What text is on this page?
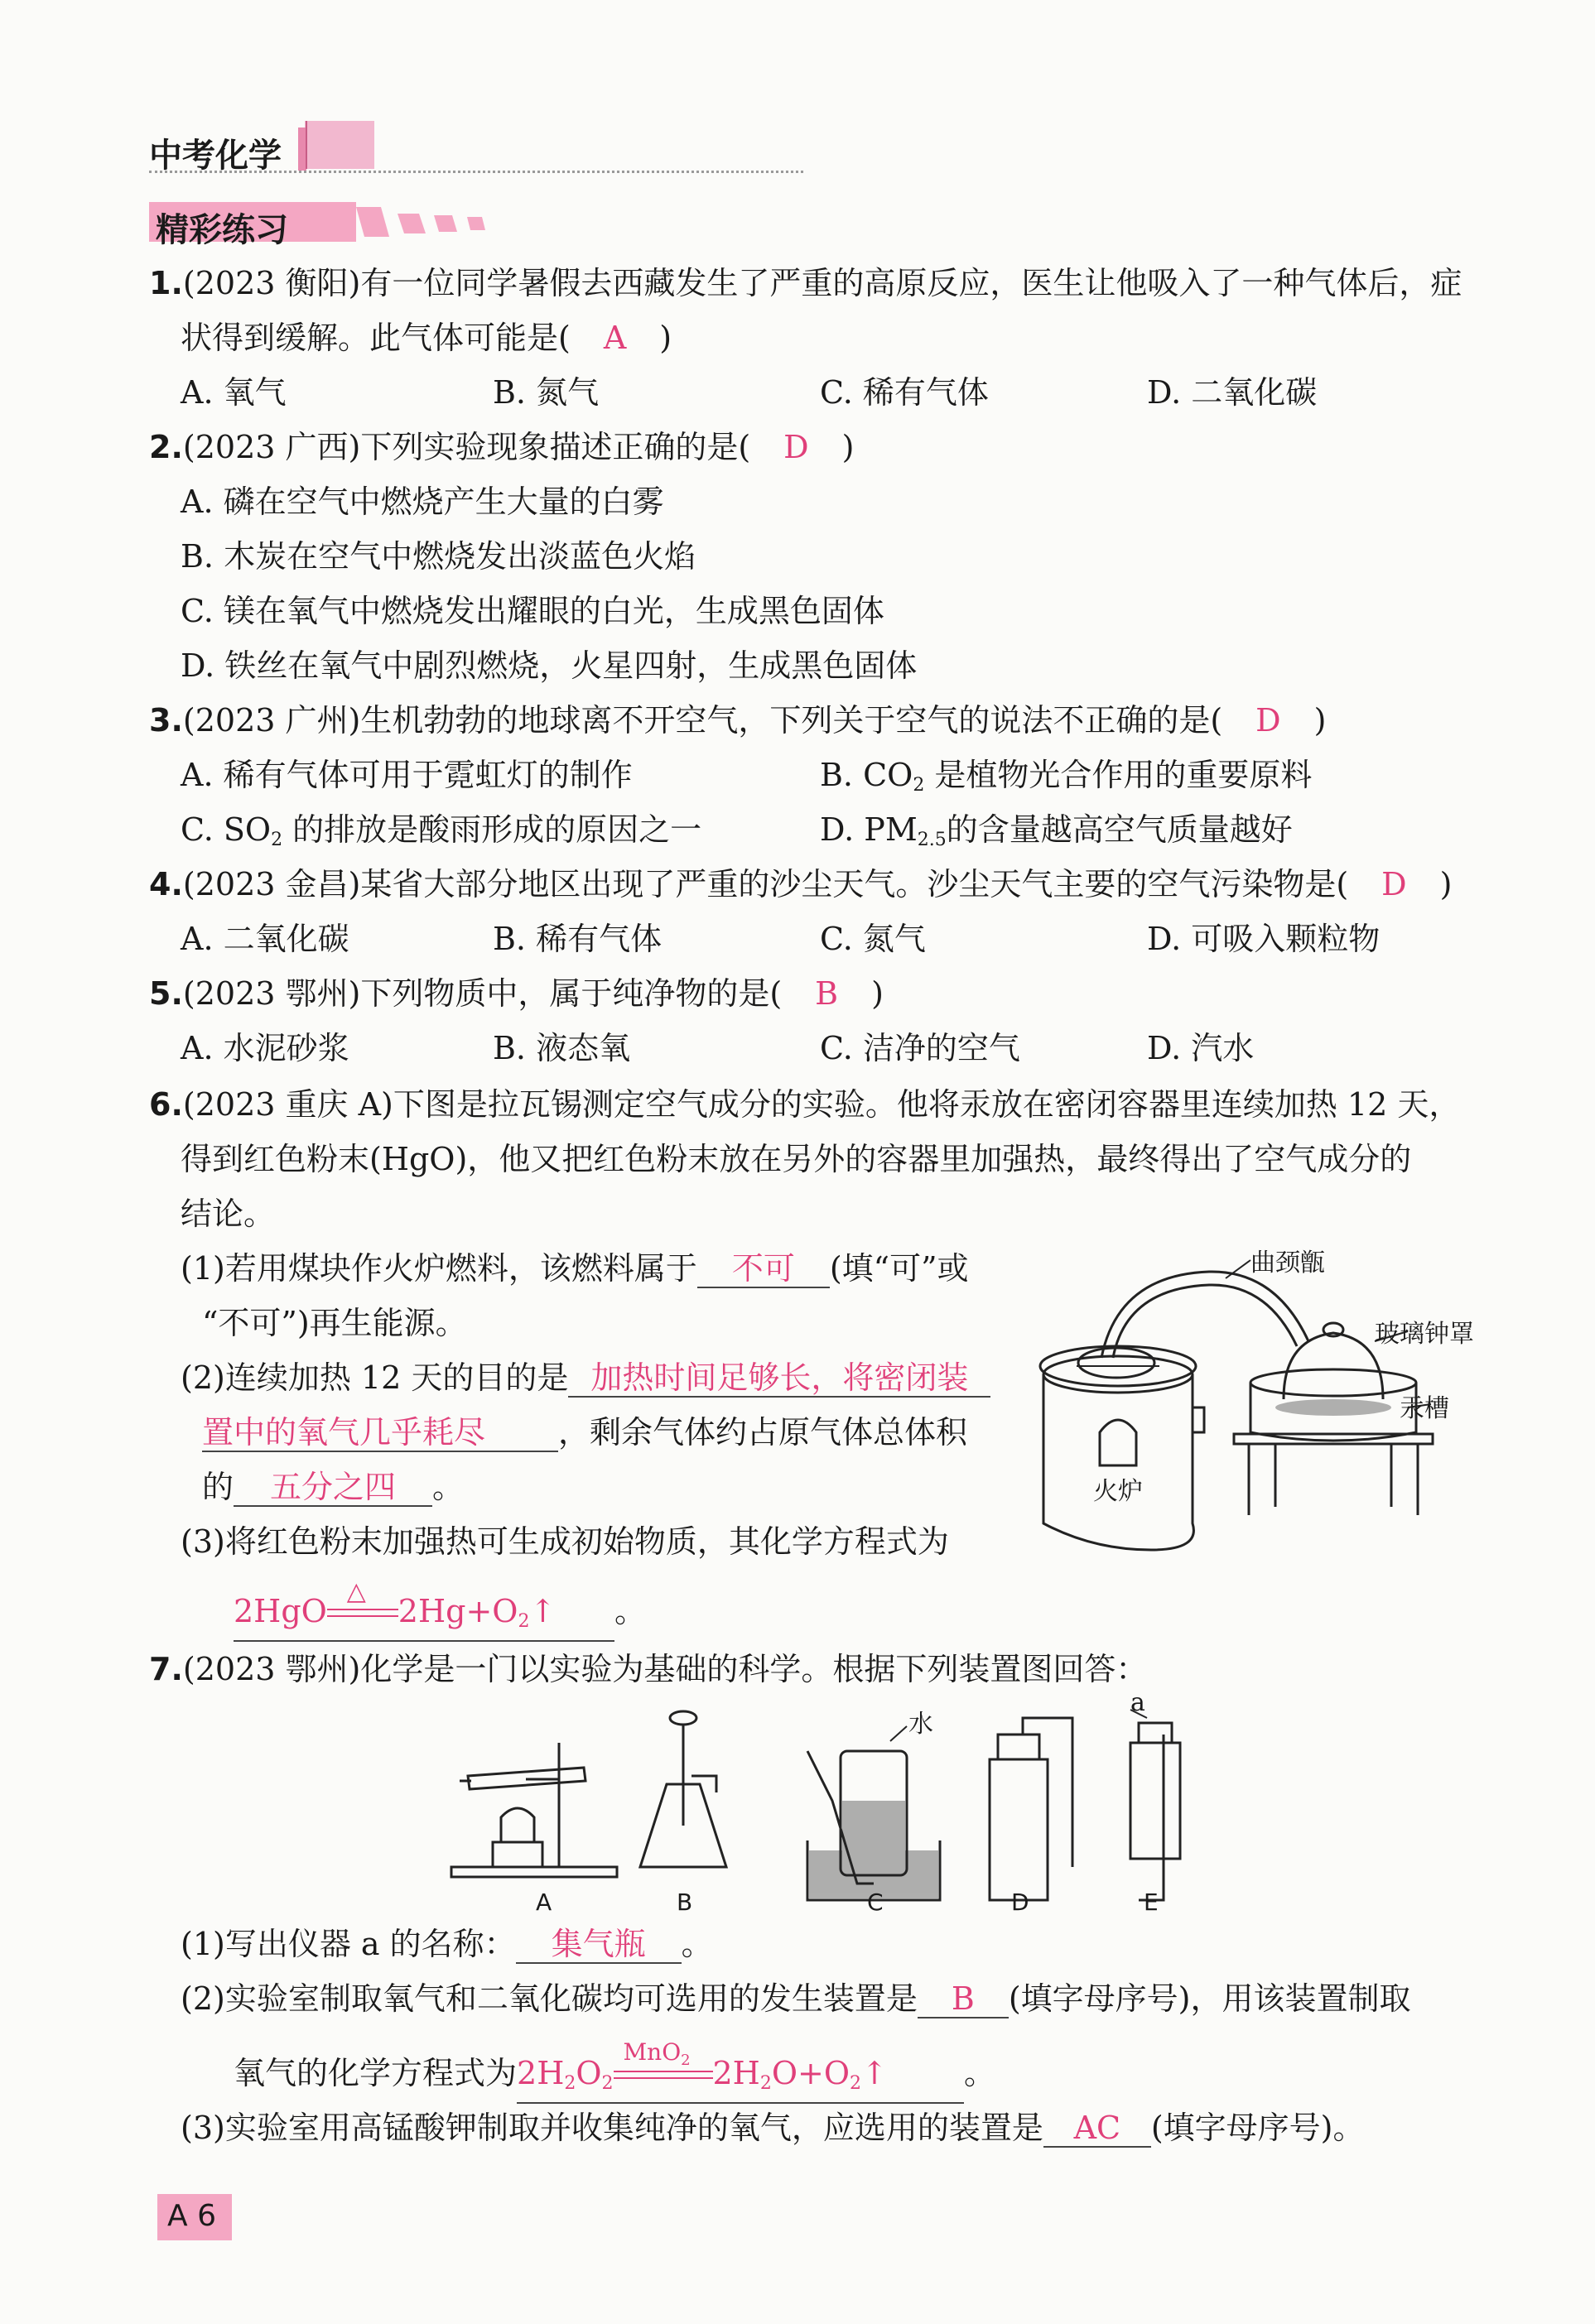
中考化学
精彩练习
1.(2023 衡阳)有一位同学暑假去西藏发生了严重的高原反应，医生让他吸入了一种气体后，症
状得到缓解。此气体可能是( A )
A. 氧气	B. 氮气	C. 稀有气体	D. 二氧化碳
2.(2023 广西)下列实验现象描述正确的是( D )
A. 磷在空气中燃烧产生大量的白雾
B. 木炭在空气中燃烧发出淡蓝色火焰
C. 镁在氧气中燃烧发出耀眼的白光，生成黑色固体
D. 铁丝在氧气中剧烈燃烧，火星四射，生成黑色固体
3.(2023 广州)生机勃勃的地球离不开空气，下列关于空气的说法不正确的是( D )
A. 稀有气体可用于霓虹灯的制作	B. $CO_2$ 是植物光合作用的重要原料
C. $SO_2$ 的排放是酸雨形成的原因之一	D. $PM_{2.5}$的含量越高空气质量越好
4.(2023 金昌)某省大部分地区出现了严重的沙尘天气。沙尘天气主要的空气污染物是( D )
A. 二氧化碳	B. 稀有气体	C. 氮气	D. 可吸入颗粒物
5.(2023 鄂州)下列物质中，属于纯净物的是( B )
A. 水泥砂浆	B. 液态氧	C. 洁净的空气	D. 汽水
6.(2023 重庆 A)下图是拉瓦锡测定空气成分的实验。他将汞放在密闭容器里连续加热 12 天，
得到红色粉末(HgO)，他又把红色粉末放在另外的容器里加强热，最终得出了空气成分的
结论。
(1)若用煤块作火炉燃料，该燃料属于 不可 (填“可”或
“不可”)再生能源。
(2)连续加热 12 天的目的是 加热时间足够长，将密闭装
置中的氧气几乎耗尽 ，剩余气体约占原气体总体积
的 五分之四 。
(3)将红色粉末加强热可生成初始物质，其化学方程式为
2HgO
△
$2Hg+O_2↑$ 。
火炉
曲颈甑
玻璃钟罩
汞槽
7.(2023 鄂州)化学是一门以实验为基础的科学。根据下列装置图回答：
A	B	C	D	E
水
a
(1)写出仪器 a 的名称： 集气瓶 。
(2)实验室制取氧气和二氧化碳均可选用的发生装置是 B (填字母序号)，用该装置制取
氧气的化学方程式为$2H_2O_2$
MnO$_2$ $2H_2O+O_2↑$ 。
(3)实验室用高锰酸钾制取并收集纯净的氧气，应选用的装置是 AC (填字母序号)。
A 6
